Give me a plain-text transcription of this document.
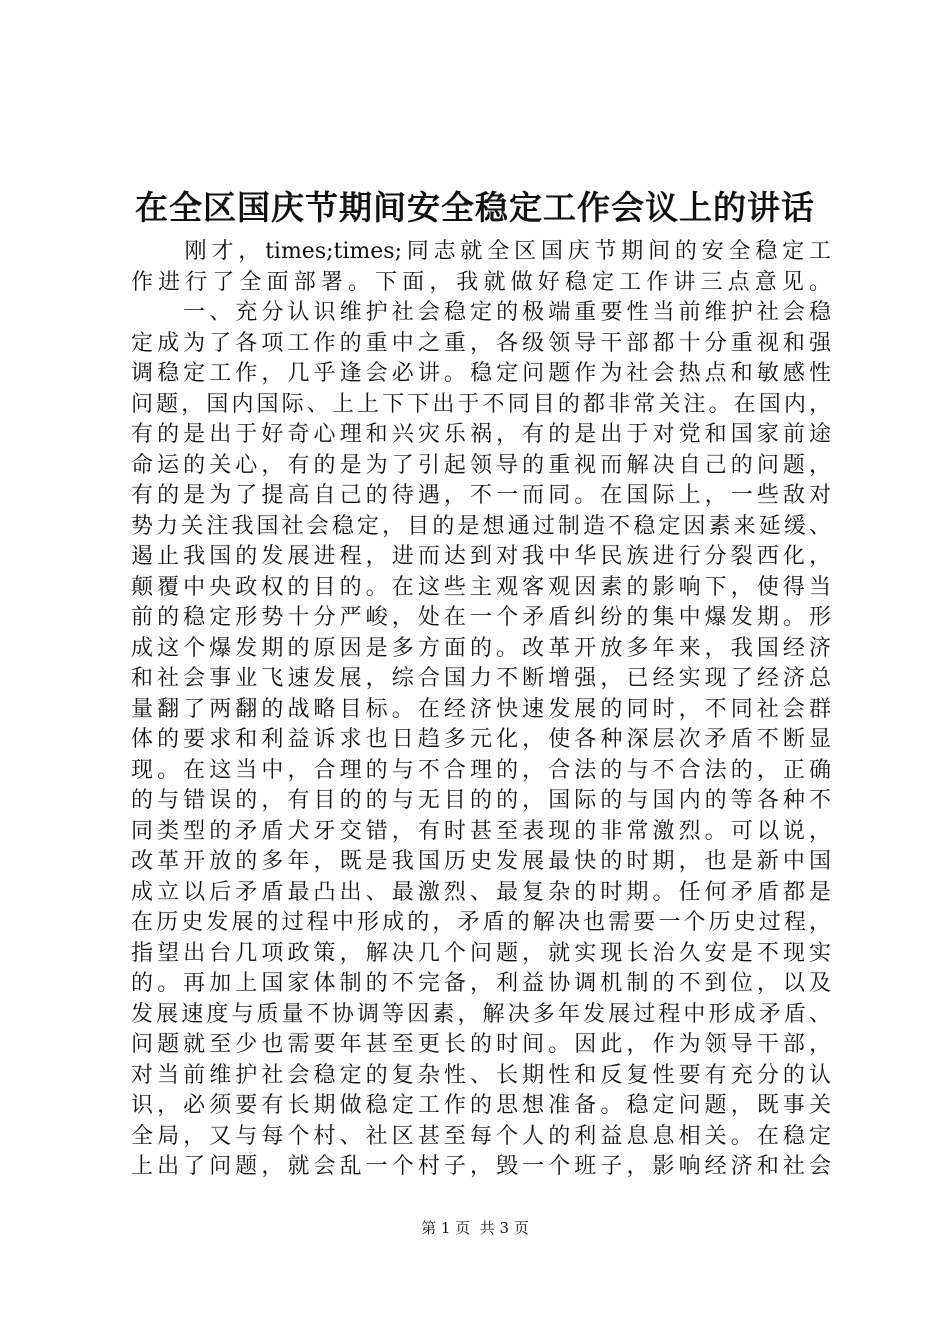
在全区国庆节期间安全稳定工作会议上的讲话
　　刚才，times;times;同志就全区国庆节期间的安全稳定工
作进行了全面部署。下面，我就做好稳定工作讲三点意见。
　　一、充分认识维护社会稳定的极端重要性当前维护社会稳
定成为了各项工作的重中之重，各级领导干部都十分重视和强
调稳定工作，几乎逢会必讲。稳定问题作为社会热点和敏感性
问题，国内国际、上上下下出于不同目的都非常关注。在国内，
有的是出于好奇心理和兴灾乐祸，有的是出于对党和国家前途
命运的关心，有的是为了引起领导的重视而解决自己的问题，
有的是为了提高自己的待遇，不一而同。在国际上，一些敌对
势力关注我国社会稳定，目的是想通过制造不稳定因素来延缓、
遏止我国的发展进程，进而达到对我中华民族进行分裂西化，
颠覆中央政权的目的。在这些主观客观因素的影响下，使得当
前的稳定形势十分严峻，处在一个矛盾纠纷的集中爆发期。形
成这个爆发期的原因是多方面的。改革开放多年来，我国经济
和社会事业飞速发展，综合国力不断增强，已经实现了经济总
量翻了两翻的战略目标。在经济快速发展的同时，不同社会群
体的要求和利益诉求也日趋多元化，使各种深层次矛盾不断显
现。在这当中，合理的与不合理的，合法的与不合法的，正确
的与错误的，有目的的与无目的的，国际的与国内的等各种不
同类型的矛盾犬牙交错，有时甚至表现的非常激烈。可以说，
改革开放的多年，既是我国历史发展最快的时期，也是新中国
成立以后矛盾最凸出、最激烈、最复杂的时期。任何矛盾都是
在历史发展的过程中形成的，矛盾的解决也需要一个历史过程，
指望出台几项政策，解决几个问题，就实现长治久安是不现实
的。再加上国家体制的不完备，利益协调机制的不到位，以及
发展速度与质量不协调等因素，解决多年发展过程中形成矛盾、
问题就至少也需要年甚至更长的时间。因此，作为领导干部，
对当前维护社会稳定的复杂性、长期性和反复性要有充分的认
识，必须要有长期做稳定工作的思想准备。稳定问题，既事关
全局，又与每个村、社区甚至每个人的利益息息相关。在稳定
上出了问题，就会乱一个村子，毁一个班子，影响经济和社会
第 1 页  共 3 页
